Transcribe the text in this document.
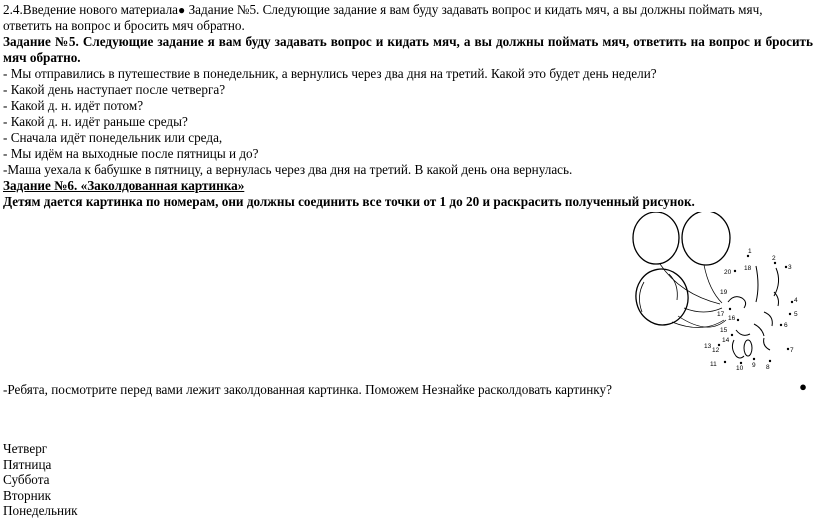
2.4.Введение нового материала● Задание №5. Следующие задание я вам буду задавать вопрос и кидать мяч, а вы должны поймать мяч,
ответить на вопрос и бросить мяч обратно.
Задание №5. Следующие задание я вам буду задавать вопрос и кидать мяч, а вы должны поймать мяч, ответить на вопрос и бросить мяч обратно.
- Мы отправились в путешествие в понедельник, а вернулись через два дня на третий. Какой это будет день недели?
- Какой день наступает после четверга?
- Какой д. н. идёт потом?
- Какой д. н. идёт раньше среды?
- Сначала идёт понедельник или среда,
- Мы идём на выходные после пятницы и до?
-Маша уехала к бабушке в пятницу, а вернулась через два дня на третий. В какой день она вернулась.
Задание №6. «Заколдованная картинка»
Детям дается картинка по номерам, они должны соединить все точки от 1 до 20 и раскрасить полученный рисунок.
1
2
3
4
5
6
7
8
9
10
11
12
13
14
15
16
17
19
20
18
-Ребята, посмотрите перед вами лежит заколдованная картинка. Поможем Незнайке расколдовать картинку?	●
Четверг
Пятница
Суббота
Вторник
Понедельник
